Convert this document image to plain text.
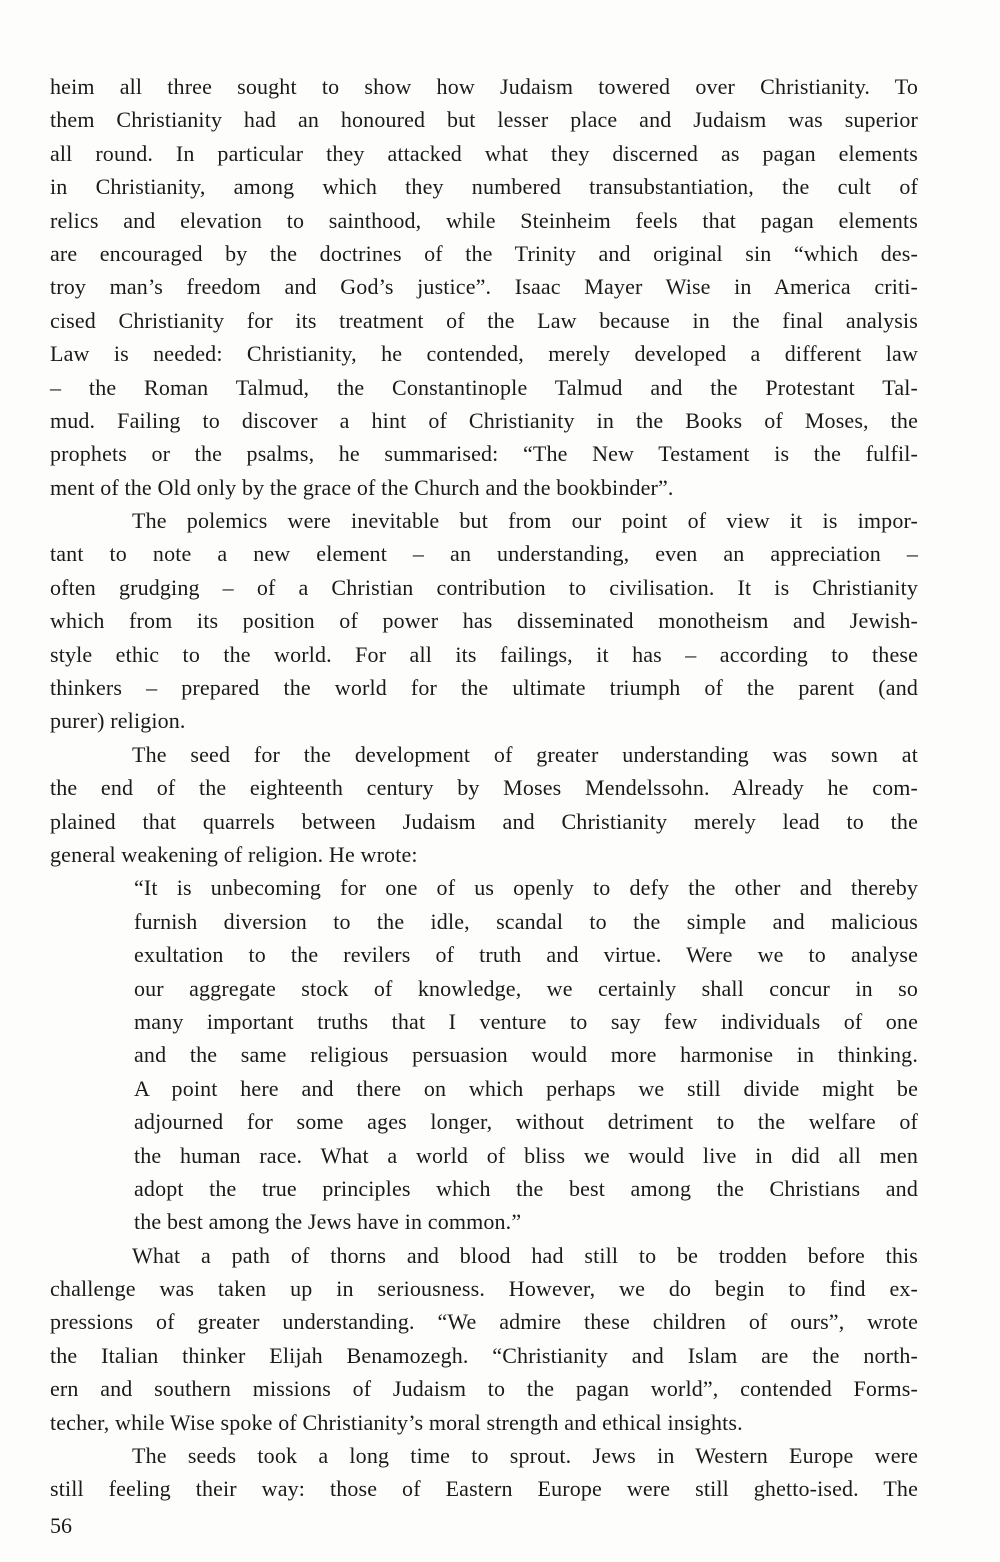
heim all three sought to show how Judaism towered over Christianity. To
them Christianity had an honoured but lesser place and Judaism was superior
all round. In particular they attacked what they discerned as pagan elements
in Christianity, among which they numbered transubstantiation, the cult of
relics and elevation to sainthood, while Steinheim feels that pagan elements
are encouraged by the doctrines of the Trinity and original sin “which des-
troy man’s freedom and God’s justice”. Isaac Mayer Wise in America criti-
cised Christianity for its treatment of the Law because in the final analysis
Law is needed: Christianity, he contended, merely developed a different law
– the Roman Talmud, the Constantinople Talmud and the Protestant Tal-
mud. Failing to discover a hint of Christianity in the Books of Moses, the
prophets or the psalms, he summarised: “The New Testament is the fulfil-
ment of the Old only by the grace of the Church and the bookbinder”.
The polemics were inevitable but from our point of view it is impor-
tant to note a new element – an understanding, even an appreciation –
often grudging – of a Christian contribution to civilisation. It is Christianity
which from its position of power has disseminated monotheism and Jewish-
style ethic to the world. For all its failings, it has – according to these
thinkers – prepared the world for the ultimate triumph of the parent (and
purer) religion.
The seed for the development of greater understanding was sown at
the end of the eighteenth century by Moses Mendelssohn. Already he com-
plained that quarrels between Judaism and Christianity merely lead to the
general weakening of religion. He wrote:
“It is unbecoming for one of us openly to defy the other and thereby
furnish diversion to the idle, scandal to the simple and malicious
exultation to the revilers of truth and virtue. Were we to analyse
our aggregate stock of knowledge, we certainly shall concur in so
many important truths that I venture to say few individuals of one
and the same religious persuasion would more harmonise in thinking.
A point here and there on which perhaps we still divide might be
adjourned for some ages longer, without detriment to the welfare of
the human race. What a world of bliss we would live in did all men
adopt the true principles which the best among the Christians and
the best among the Jews have in common.”
What a path of thorns and blood had still to be trodden before this
challenge was taken up in seriousness. However, we do begin to find ex-
pressions of greater understanding. “We admire these children of ours”, wrote
the Italian thinker Elijah Benamozegh. “Christianity and Islam are the north-
ern and southern missions of Judaism to the pagan world”, contended Forms-
techer, while Wise spoke of Christianity’s moral strength and ethical insights.
The seeds took a long time to sprout. Jews in Western Europe were
still feeling their way: those of Eastern Europe were still ghetto-ised. The
56
